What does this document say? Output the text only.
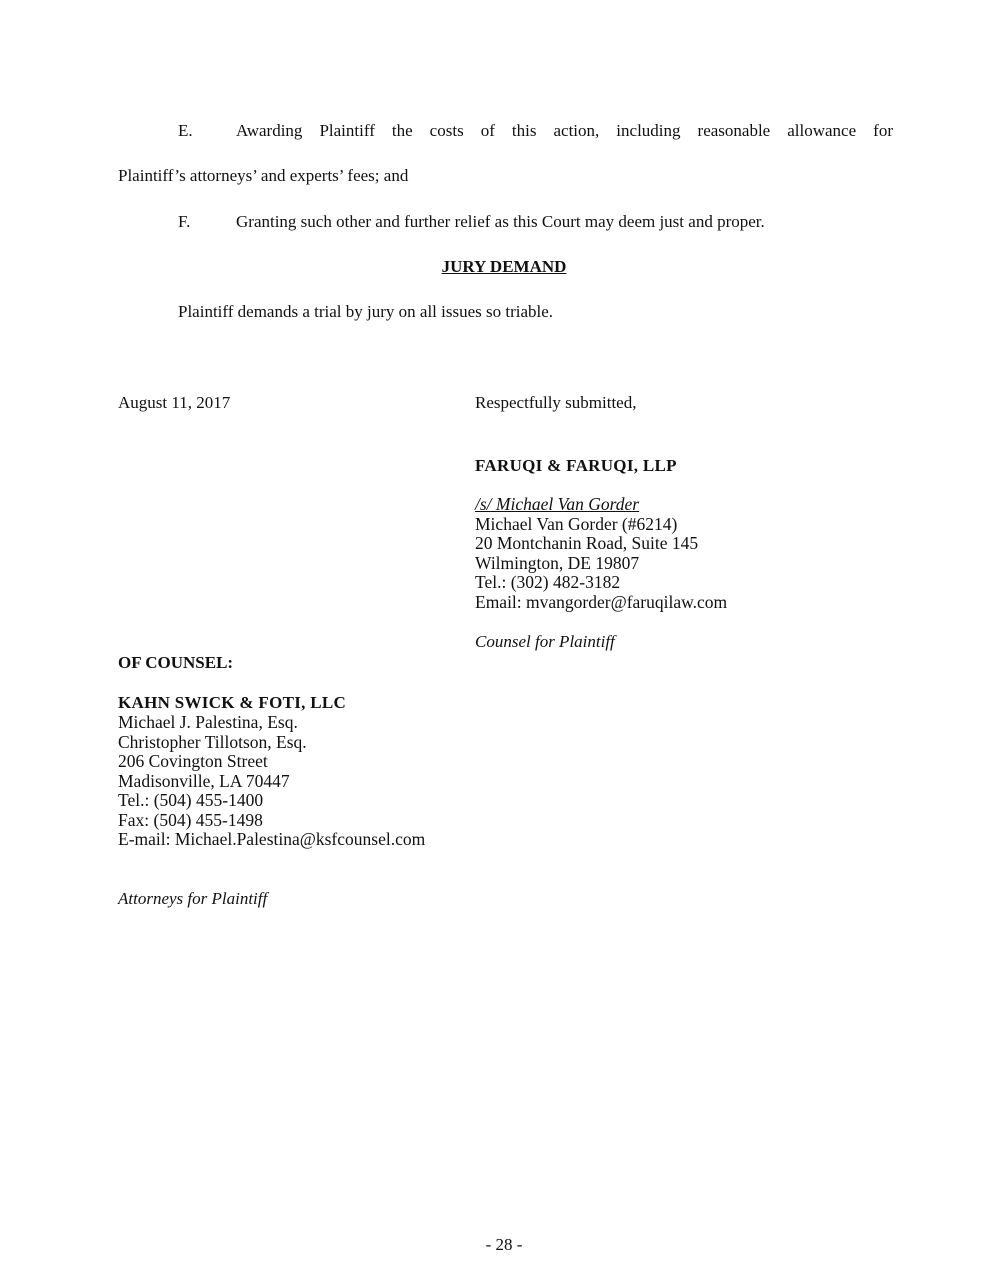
E.	Awarding Plaintiff the costs of this action, including reasonable allowance for
Plaintiff’s attorneys’ and experts’ fees; and
F.	Granting such other and further relief as this Court may deem just and proper.
JURY DEMAND
Plaintiff demands a trial by jury on all issues so triable.
August 11, 2017	Respectfully submitted,
FARUQI & FARUQI, LLP
/s/ Michael Van Gorder
Michael Van Gorder (#6214)
20 Montchanin Road, Suite 145
Wilmington, DE 19807
Tel.: (302) 482-3182
Email: mvangorder@faruqilaw.com
Counsel for Plaintiff
OF COUNSEL:
KAHN SWICK & FOTI, LLC
Michael J. Palestina, Esq.
Christopher Tillotson, Esq.
206 Covington Street
Madisonville, LA 70447
Tel.: (504) 455-1400
Fax: (504) 455-1498
E-mail: Michael.Palestina@ksfcounsel.com
Attorneys for Plaintiff
- 28 -
